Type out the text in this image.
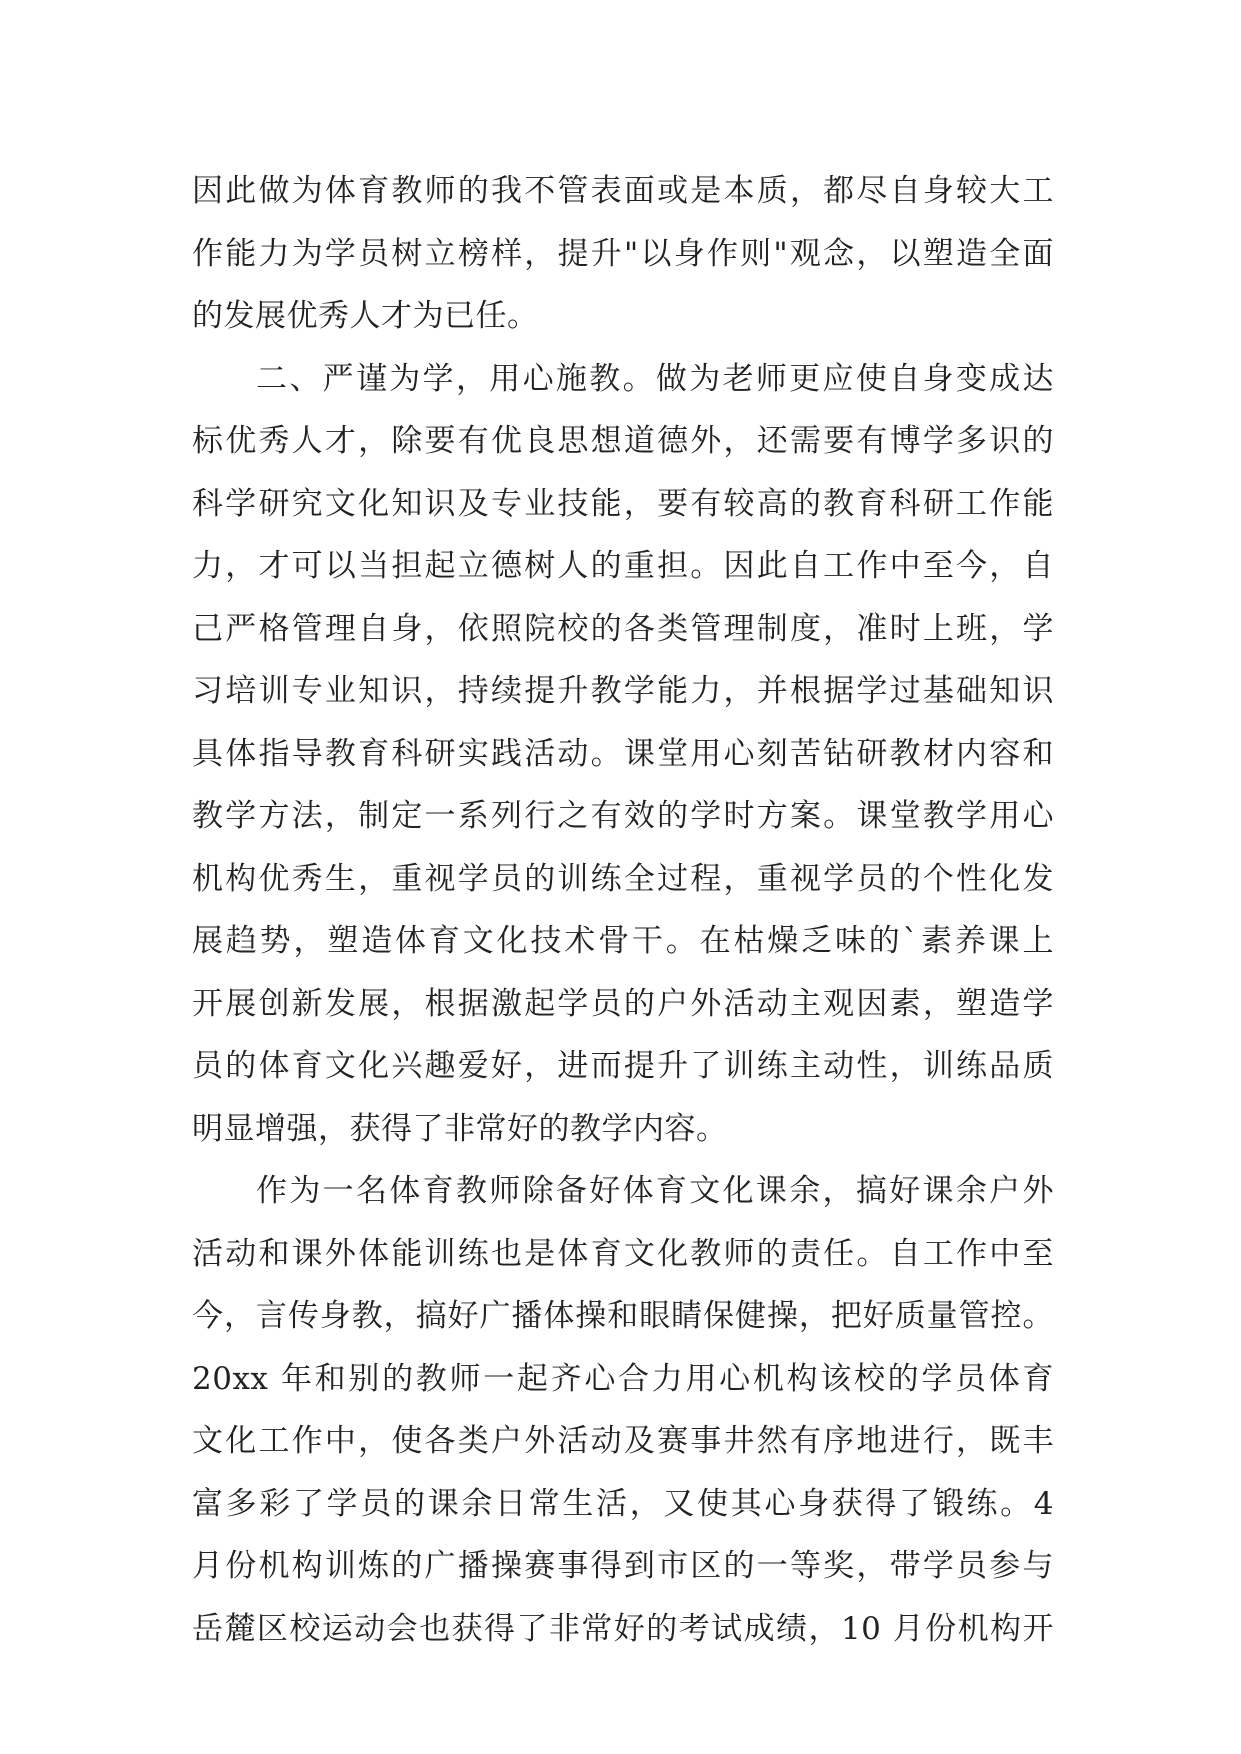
因此做为体育教师的我不管表面或是本质，都尽自身较大工
作能力为学员树立榜样，提升"以身作则"观念，以塑造全面
的发展优秀人才为已任。
二、严谨为学，用心施教。做为老师更应使自身变成达
标优秀人才，除要有优良思想道德外，还需要有博学多识的
科学研究文化知识及专业技能，要有较高的教育科研工作能
力，才可以当担起立德树人的重担。因此自工作中至今，自
己严格管理自身，依照院校的各类管理制度，准时上班，学
习培训专业知识，持续提升教学能力，并根据学过基础知识
具体指导教育科研实践活动。课堂用心刻苦钻研教材内容和
教学方法，制定一系列行之有效的学时方案。课堂教学用心
机构优秀生，重视学员的训练全过程，重视学员的个性化发
展趋势，塑造体育文化技术骨干。在枯燥乏味的`素养课上
开展创新发展，根据激起学员的户外活动主观因素，塑造学
员的体育文化兴趣爱好，进而提升了训练主动性，训练品质
明显增强，获得了非常好的教学内容。
作为一名体育教师除备好体育文化课余，搞好课余户外
活动和课外体能训练也是体育文化教师的责任。自工作中至
今，言传身教，搞好广播体操和眼睛保健操，把好质量管控。
20xx 年和别的教师一起齐心合力用心机构该校的学员体育
文化工作中，使各类户外活动及赛事井然有序地进行，既丰
富多彩了学员的课余日常生活，又使其心身获得了锻练。4
月份机构训炼的广播操赛事得到市区的一等奖，带学员参与
岳麓区校运动会也获得了非常好的考试成绩，10 月份机构开
